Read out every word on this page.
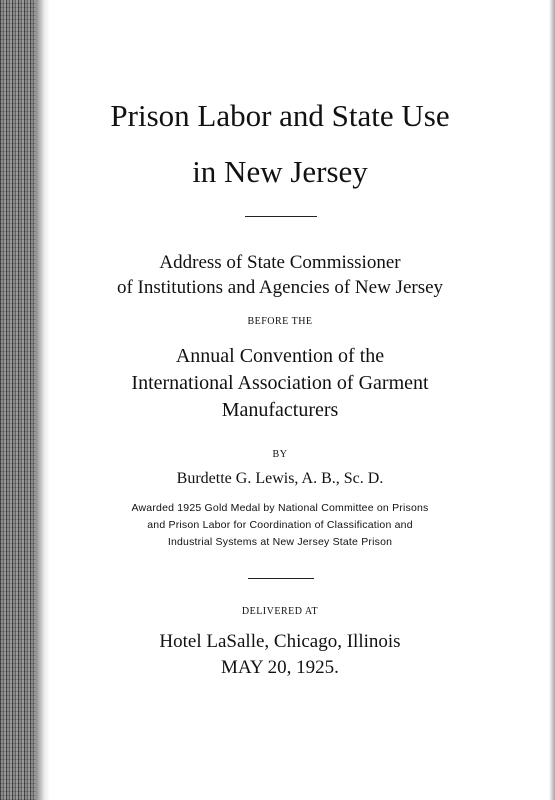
Prison Labor and State Use
in New Jersey
Address of State Commissioner
of Institutions and Agencies of New Jersey
BEFORE THE
Annual Convention of the
International Association of Garment
Manufacturers
BY
Burdette G. Lewis, A. B., Sc. D.
Awarded 1925 Gold Medal by National Committee on Prisons
and Prison Labor for Coordination of Classification and
Industrial Systems at New Jersey State Prison
DELIVERED AT
Hotel LaSalle, Chicago, Illinois
MAY 20, 1925.
